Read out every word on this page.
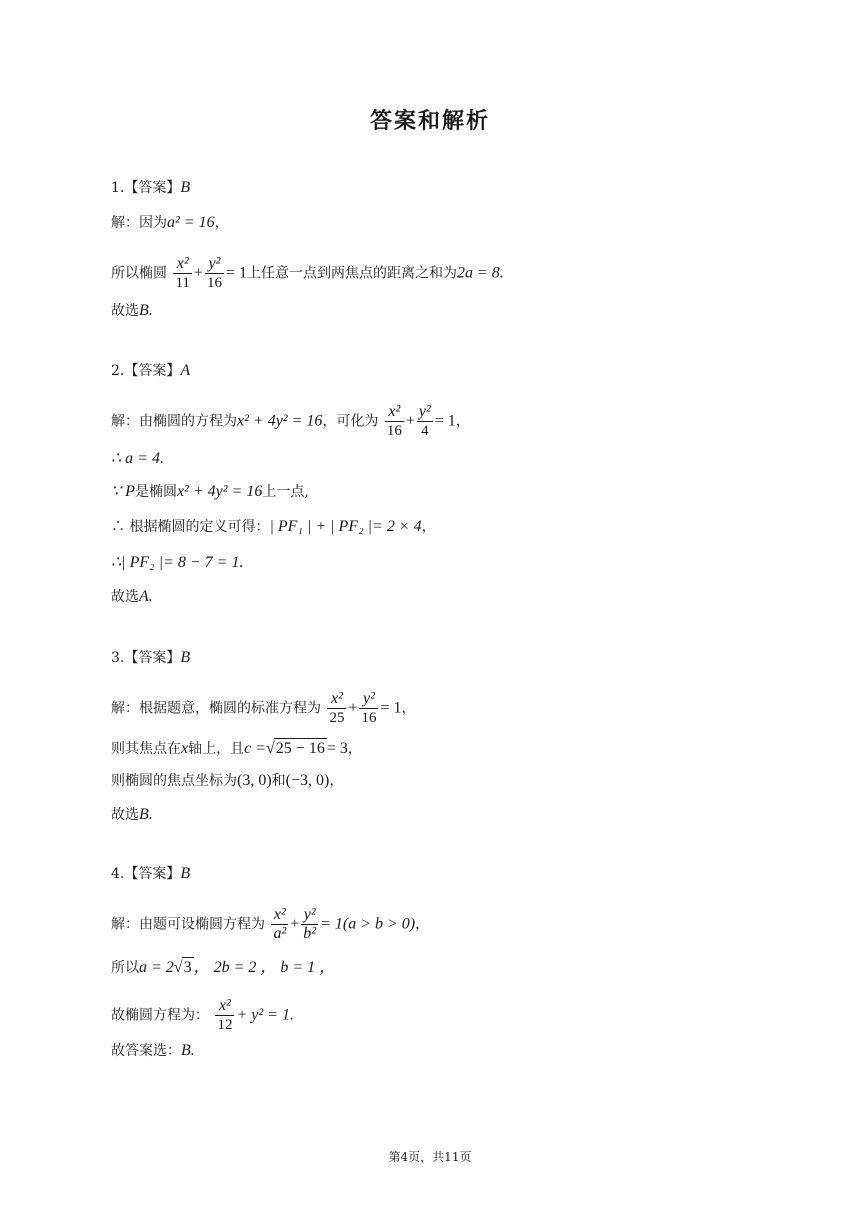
答案和解析
1.【答案】B
解：因为a² = 16，
所以椭圆 $\frac{\text{x²}}{11} + \frac{\text{y²}}{16} = 1$上任意一点到两焦点的距离之和为2a = 8.
故选B.
2.【答案】A
解：由椭圆的方程为x² + 4y² = 16，可化为 $\frac{\text{x²}}{16} + \frac{\text{y²}}{4} = 1$，
∴ a = 4.
∵ P是椭圆x² + 4y² = 16上一点,
∴ 根据椭圆的定义可得：| PF₁ | + | PF₂ |= 2 × 4，
∴| PF₂ |= 8 − 7 = 1.
故选A.
3.【答案】B
解：根据题意，椭圆的标准方程为 $\frac{\text{x²}}{25} + \frac{\text{y²}}{16} = 1$，
则其焦点在x轴上，且c =√25 − 16 = 3，
则椭圆的焦点坐标为(3, 0)和(−3, 0)，
故选B.
4.【答案】B
解：由题可设椭圆方程为 $\frac{\text{x²}}{\text{a²}} + \frac{\text{y²}}{\text{b²}} = 1(a > b > 0)$，
所以a = 2√3 ， 2b = 2 ， b = 1 ，
故椭圆方程为： $\frac{\text{x²}}{12} + y^2 = 1$.
故答案选：B.
第4页，共11页
